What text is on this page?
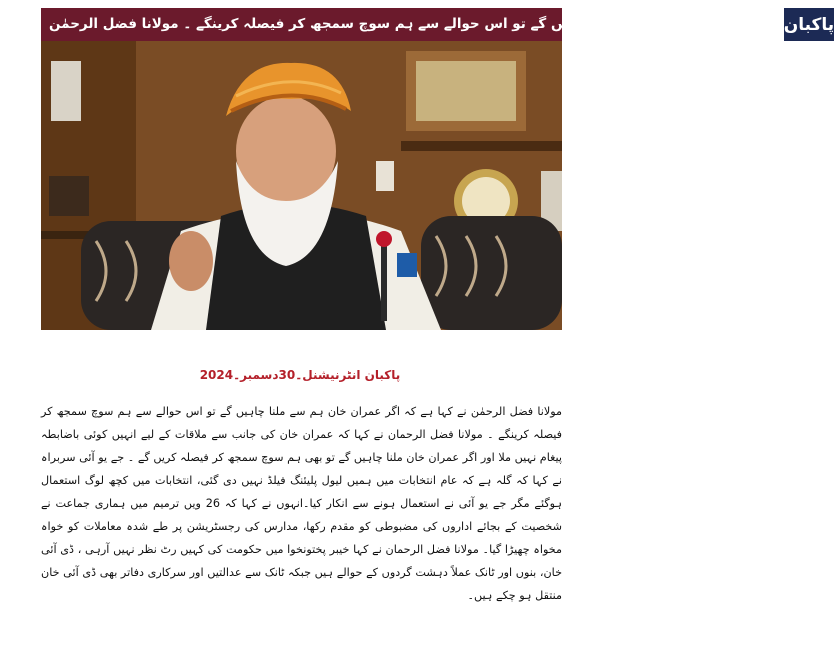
اگر عمران خان ہم سے ملنا چاہیں گے تو اس حوالے سے ہم سوچ سمجھ کر فیصلہ کرینگے ۔ مولانا فضل الرحمٰن پاکبان
پاکبان انٹرنیشنل۔30دسمبر۔2024

مولانا فضل الرحمٰن نے کہا ہے کہ اگر عمران خان ہم سے ملنا چاہیں گے تو اس حوالے سے ہم سوچ سمجھ کر فیصلہ کرینگے ۔ مولانا فضل الرحمان نے کہا کہ عمران خان کی جانب سے ملاقات کے لیے انہیں کوئی باضابطہ پیغام نہیں ملا اور اگر عمران خان ملنا چاہیں گے تو بھی ہم سوچ سمجھ کر فیصلہ کریں گے ۔ جے یو آئی سربراہ نے کہا کہ گلہ ہے کہ عام انتخابات میں ہمیں لیول پلیئنگ فیلڈ نہیں دی گئی، انتخابات میں کچھ لوگ استعمال ہوگئے مگر جے یو آئی نے استعمال ہونے سے انکار کیا۔انہوں نے کہا کہ 26 ویں ترمیم میں ہماری جماعت نے شخصیت کے بجائے اداروں کی مضبوطی کو مقدم رکھا، مدارس کی رجسٹریشن پر طے شدہ معاملات کو خواہ مخواہ چھیڑا گیا۔ مولانا فضل الرحمان نے کہا خیبر پختونخوا میں حکومت کی کہیں رٹ نظر نہیں آرہی ، ڈی آئی خان، بنوں اور ٹانک عملاً دہشت گردوں کے حوالے ہیں جبکہ ٹانک سے عدالتیں اور سرکاری دفاتر بھی ڈی آئی خان منتقل ہو چکے ہیں۔
